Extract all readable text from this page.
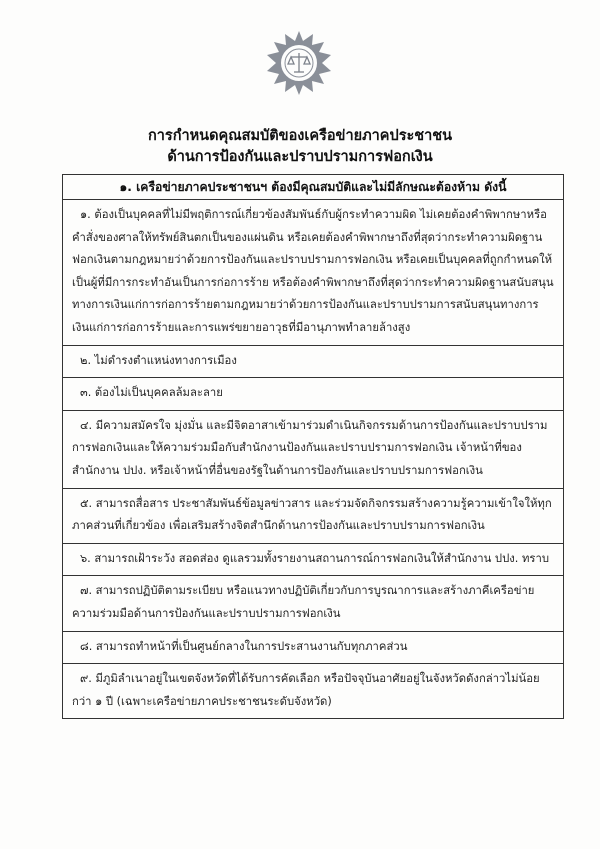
การกำหนดคุณสมบัติของเครือข่ายภาคประชาชน
ด้านการป้องกันและปราบปรามการฟอกเงิน
๑. เครือข่ายภาคประชาชนฯ ต้องมีคุณสมบัติและไม่มีลักษณะต้องห้าม ดังนี้

๑. ต้องเป็นบุคคลที่ไม่มีพฤติการณ์เกี่ยวข้องสัมพันธ์กับผู้กระทำความผิด ไม่เคยต้องคำพิพากษาหรือคำสั่งของศาลให้ทรัพย์สินตกเป็นของแผ่นดิน หรือเคยต้องคำพิพากษาถึงที่สุดว่ากระทำความผิดฐานฟอกเงินตามกฎหมายว่าด้วยการป้องกันและปราบปรามการฟอกเงิน หรือเคยเป็นบุคคลที่ถูกกำหนดให้เป็นผู้ที่มีการกระทำอันเป็นการก่อการร้าย หรือต้องคำพิพากษาถึงที่สุดว่ากระทำความผิดฐานสนับสนุนทางการเงินแก่การก่อการร้ายตามกฎหมายว่าด้วยการป้องกันและปราบปรามการสนับสนุนทางการเงินแก่การก่อการร้ายและการแพร่ขยายอาวุธที่มีอานุภาพทำลายล้างสูง

๒. ไม่ดำรงตำแหน่งทางการเมือง

๓. ต้องไม่เป็นบุคคลล้มละลาย

๔. มีความสมัครใจ มุ่งมั่น และมีจิตอาสาเข้ามาร่วมดำเนินกิจกรรมด้านการป้องกันและปราบปรามการฟอกเงินและให้ความร่วมมือกับสำนักงานป้องกันและปราบปรามการฟอกเงิน เจ้าหน้าที่ของสำนักงาน ปปง. หรือเจ้าหน้าที่อื่นของรัฐในด้านการป้องกันและปราบปรามการฟอกเงิน

๕. สามารถสื่อสาร ประชาสัมพันธ์ข้อมูลข่าวสาร และร่วมจัดกิจกรรมสร้างความรู้ความเข้าใจให้ทุกภาคส่วนที่เกี่ยวข้อง เพื่อเสริมสร้างจิตสำนึกด้านการป้องกันและปราบปรามการฟอกเงิน

๖. สามารถเฝ้าระวัง สอดส่อง ดูแลรวมทั้งรายงานสถานการณ์การฟอกเงินให้สำนักงาน ปปง. ทราบ

๗. สามารถปฏิบัติตามระเบียบ หรือแนวทางปฏิบัติเกี่ยวกับการบูรณาการและสร้างภาคีเครือข่ายความร่วมมือด้านการป้องกันและปราบปรามการฟอกเงิน

๘. สามารถทำหน้าที่เป็นศูนย์กลางในการประสานงานกับทุกภาคส่วน

๙. มีภูมิลำเนาอยู่ในเขตจังหวัดที่ได้รับการคัดเลือก หรือปัจจุบันอาศัยอยู่ในจังหวัดดังกล่าวไม่น้อยกว่า ๑ ปี (เฉพาะเครือข่ายภาคประชาชนระดับจังหวัด)
